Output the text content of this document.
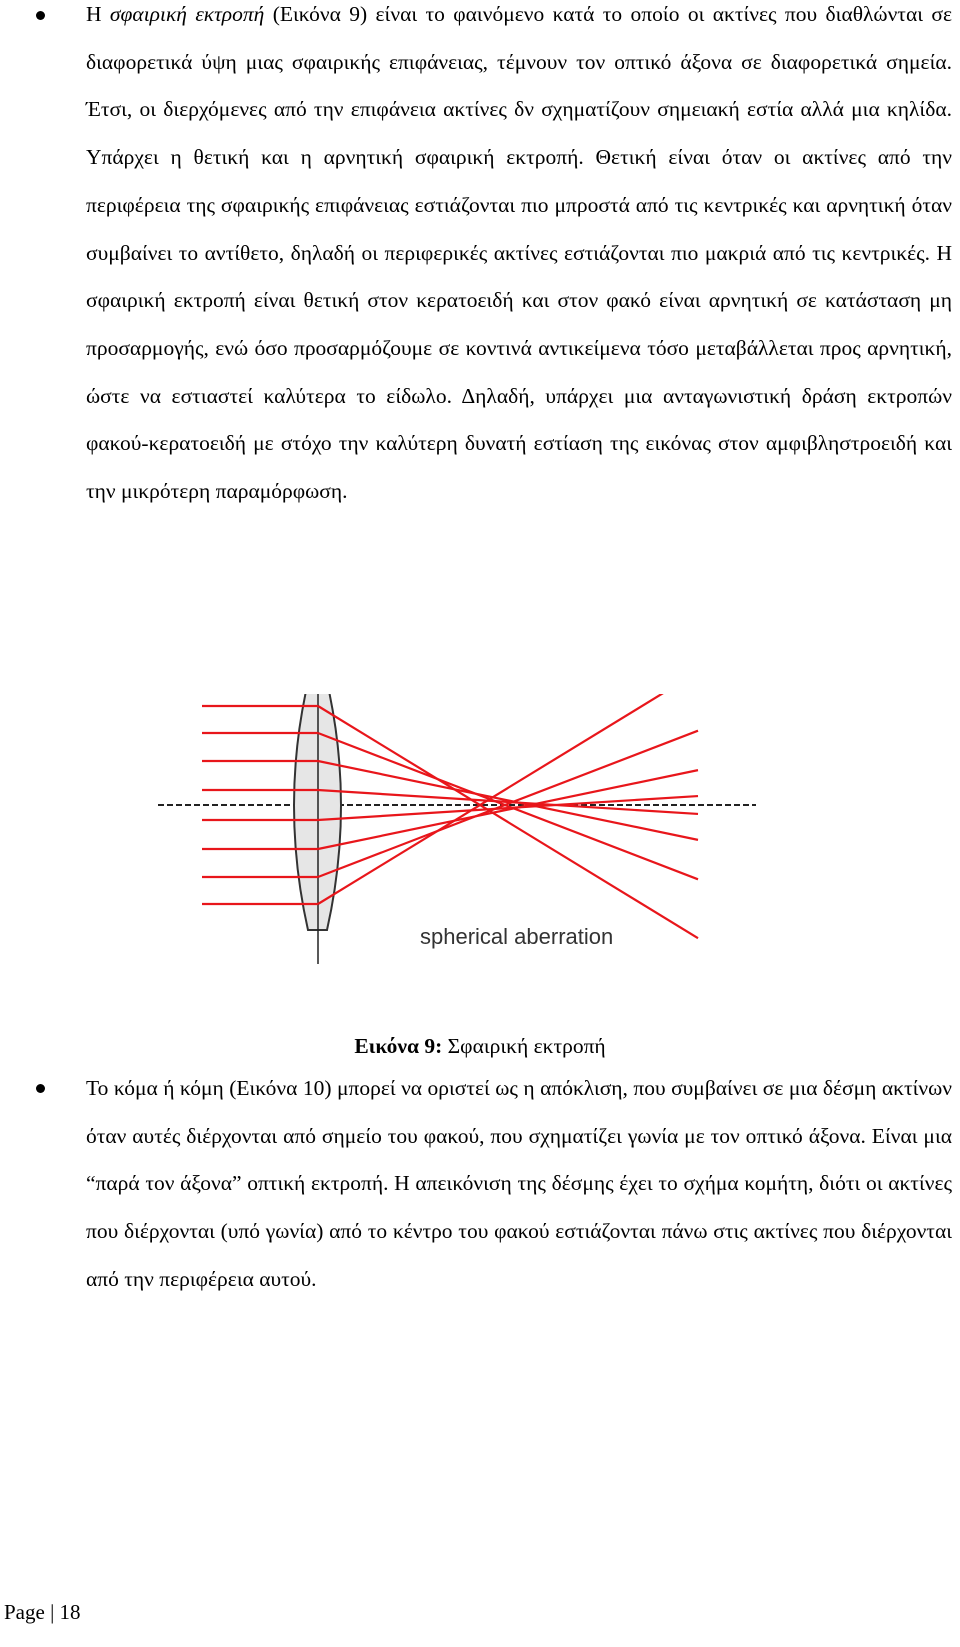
Η σφαιρική εκτροπή (Εικόνα 9) είναι το φαινόμενο κατά το οποίο οι ακτίνες που διαθλώνται σε διαφορετικά ύψη μιας σφαιρικής επιφάνειας, τέμνουν τον οπτικό άξονα σε διαφορετικά σημεία. Έτσι, οι διερχόμενες από την επιφάνεια ακτίνες δν σχηματίζουν σημειακή εστία αλλά μια κηλίδα. Υπάρχει η θετική και η αρνητική σφαιρική εκτροπή. Θετική είναι όταν οι ακτίνες από την περιφέρεια της σφαιρικής επιφάνειας εστιάζονται πιο μπροστά από τις κεντρικές και αρνητική όταν συμβαίνει το αντίθετο, δηλαδή οι περιφερικές ακτίνες εστιάζονται πιο μακριά από τις κεντρικές. Η σφαιρική εκτροπή είναι θετική στον κερατοειδή και στον φακό είναι αρνητική σε κατάσταση μη προσαρμογής, ενώ όσο προσαρμόζουμε σε κοντινά αντικείμενα τόσο μεταβάλλεται προς αρνητική, ώστε να εστιαστεί καλύτερα το είδωλο. Δηλαδή, υπάρχει μια ανταγωνιστική δράση εκτροπών φακού-κερατοειδή με στόχο την καλύτερη δυνατή εστίαση της εικόνας στον αμφιβληστροειδή και την μικρότερη παραμόρφωση.

spherical aberration
Εικόνα 9: Σφαιρική εκτροπή

Το κόμα ή κόμη (Εικόνα 10) μπορεί να οριστεί ως η απόκλιση, που συμβαίνει σε μια δέσμη ακτίνων όταν αυτές διέρχονται από σημείο του φακού, που σχηματίζει γωνία με τον οπτικό άξονα. Είναι μια “παρά τον άξονα” οπτική εκτροπή. Η απεικόνιση της δέσμης έχει το σχήμα κομήτη, διότι οι ακτίνες που διέρχονται (υπό γωνία) από το κέντρο του φακού εστιάζονται πάνω στις ακτίνες που διέρχονται από την περιφέρεια αυτού.

Page | 18
